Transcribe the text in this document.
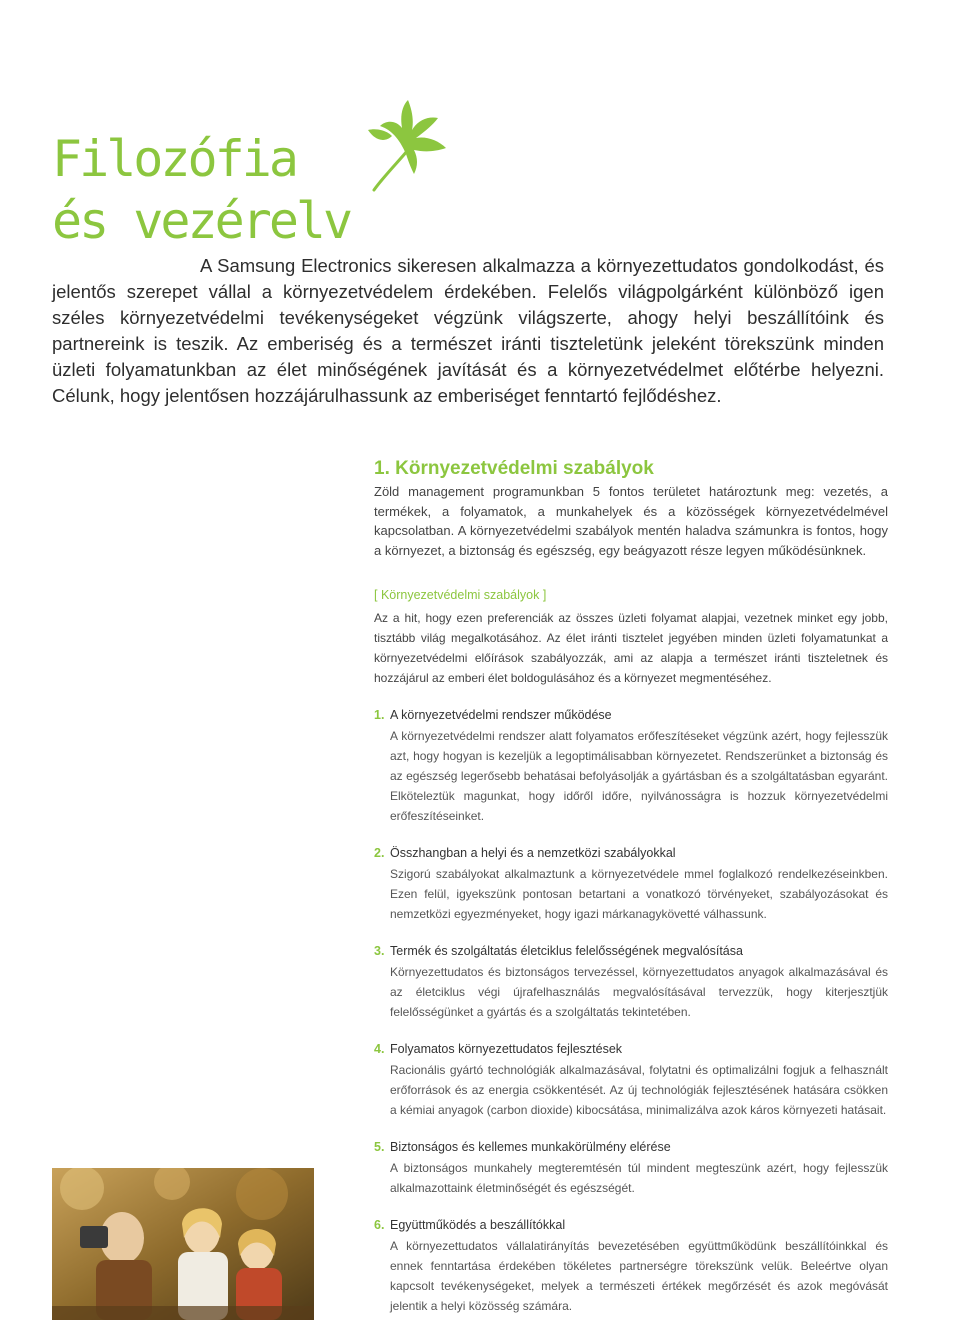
Filozófia
és vezérelv

A Samsung Electronics sikeresen alkalmazza a környezettudatos gondolkodást, és jelentős szerepet vállal a környezetvédelem érdekében. Felelős világpolgárként különböző igen széles környezetvédelmi tevékenységeket végzünk világszerte, ahogy helyi beszállítóink és partnereink is teszik. Az emberiség és a természet iránti tiszteletünk jeleként törekszünk minden üzleti folyamatunkban az élet minőségének javítását és a környezetvédelmet előtérbe helyezni. Célunk, hogy jelentősen hozzájárulhassunk az emberiséget fenntartó fejlődéshez.

1. Környezetvédelmi szabályok

Zöld management programunkban 5 fontos területet határoztunk meg: vezetés, a termékek, a folyamatok, a munkahelyek és a közösségek környezetvédelmével kapcsolatban. A környezetvédelmi szabályok mentén haladva számunkra is fontos, hogy a környezet, a biztonság és egészség, egy beágyazott része legyen működésünknek.

[ Környezetvédelmi szabályok ]

Az a hit, hogy ezen preferenciák az összes üzleti folyamat alapjai, vezetnek minket egy jobb, tisztább világ megalkotásához. Az élet iránti tisztelet jegyében minden üzleti folyamatunkat a környezetvédelmi előírások szabályozzák, ami az alapja a természet iránti tiszteletnek és hozzájárul az emberi élet boldogulásához és a környezet megmentéséhez.

1. A környezetvédelmi rendszer működése

A környezetvédelmi rendszer alatt folyamatos erőfeszítéseket végzünk azért, hogy fejlesszük azt, hogy hogyan is kezeljük a legoptimálisabban környezetet. Rendszerünket a biztonság és az egészség legerősebb behatásai befolyásolják a gyártásban és a szolgáltatásban egyaránt. Elköteleztük magunkat, hogy időről időre, nyilvánosságra is hozzuk környezetvédelmi erőfeszítéseinket.

2. Összhangban a helyi és a nemzetközi szabályokkal

Szigorú szabályokat alkalmaztunk a környezetvédele mmel foglalkozó rendelkezéseinkben. Ezen felül, igyekszünk pontosan betartani a vonatkozó törvényeket, szabályozásokat és nemzetközi egyezményeket, hogy igazi márkanagykövetté válhassunk.

3. Termék és szolgáltatás életciklus felelősségének megvalósítása

Környezettudatos és biztonságos tervezéssel, környezettudatos anyagok alkalmazásával és az életciklus végi újrafelhasználás megvalósításával tervezzük, hogy kiterjesztjük felelősségünket a gyártás és a szolgáltatás tekintetében.

4. Folyamatos környezettudatos fejlesztések

Racionális gyártó technológiák alkalmazásával, folytatni és optimalizálni fogjuk a felhasznált erőforrások és az energia csökkentését. Az új technológiák fejlesztésének hatására csökken a kémiai anyagok (carbon dioxide) kibocsátása, minimalizálva azok káros környezeti hatásait.

5. Biztonságos és kellemes munkakörülmény elérése

A biztonságos munkahely megteremtésén túl mindent megteszünk azért, hogy fejlesszük alkalmazottaink életminőségét és egészségét.

6. Együttműködés a beszállítókkal

A környezettudatos vállalatirányítás bevezetésében együttműködünk beszállítóinkkal és ennek fenntartása érdekében tökéletes partnerségre törekszünk velük. Beleértve olyan kapcsolt tevékenységeket, melyek a természeti értékek megőrzését és azok megóvását jelentik a helyi közösség számára.
